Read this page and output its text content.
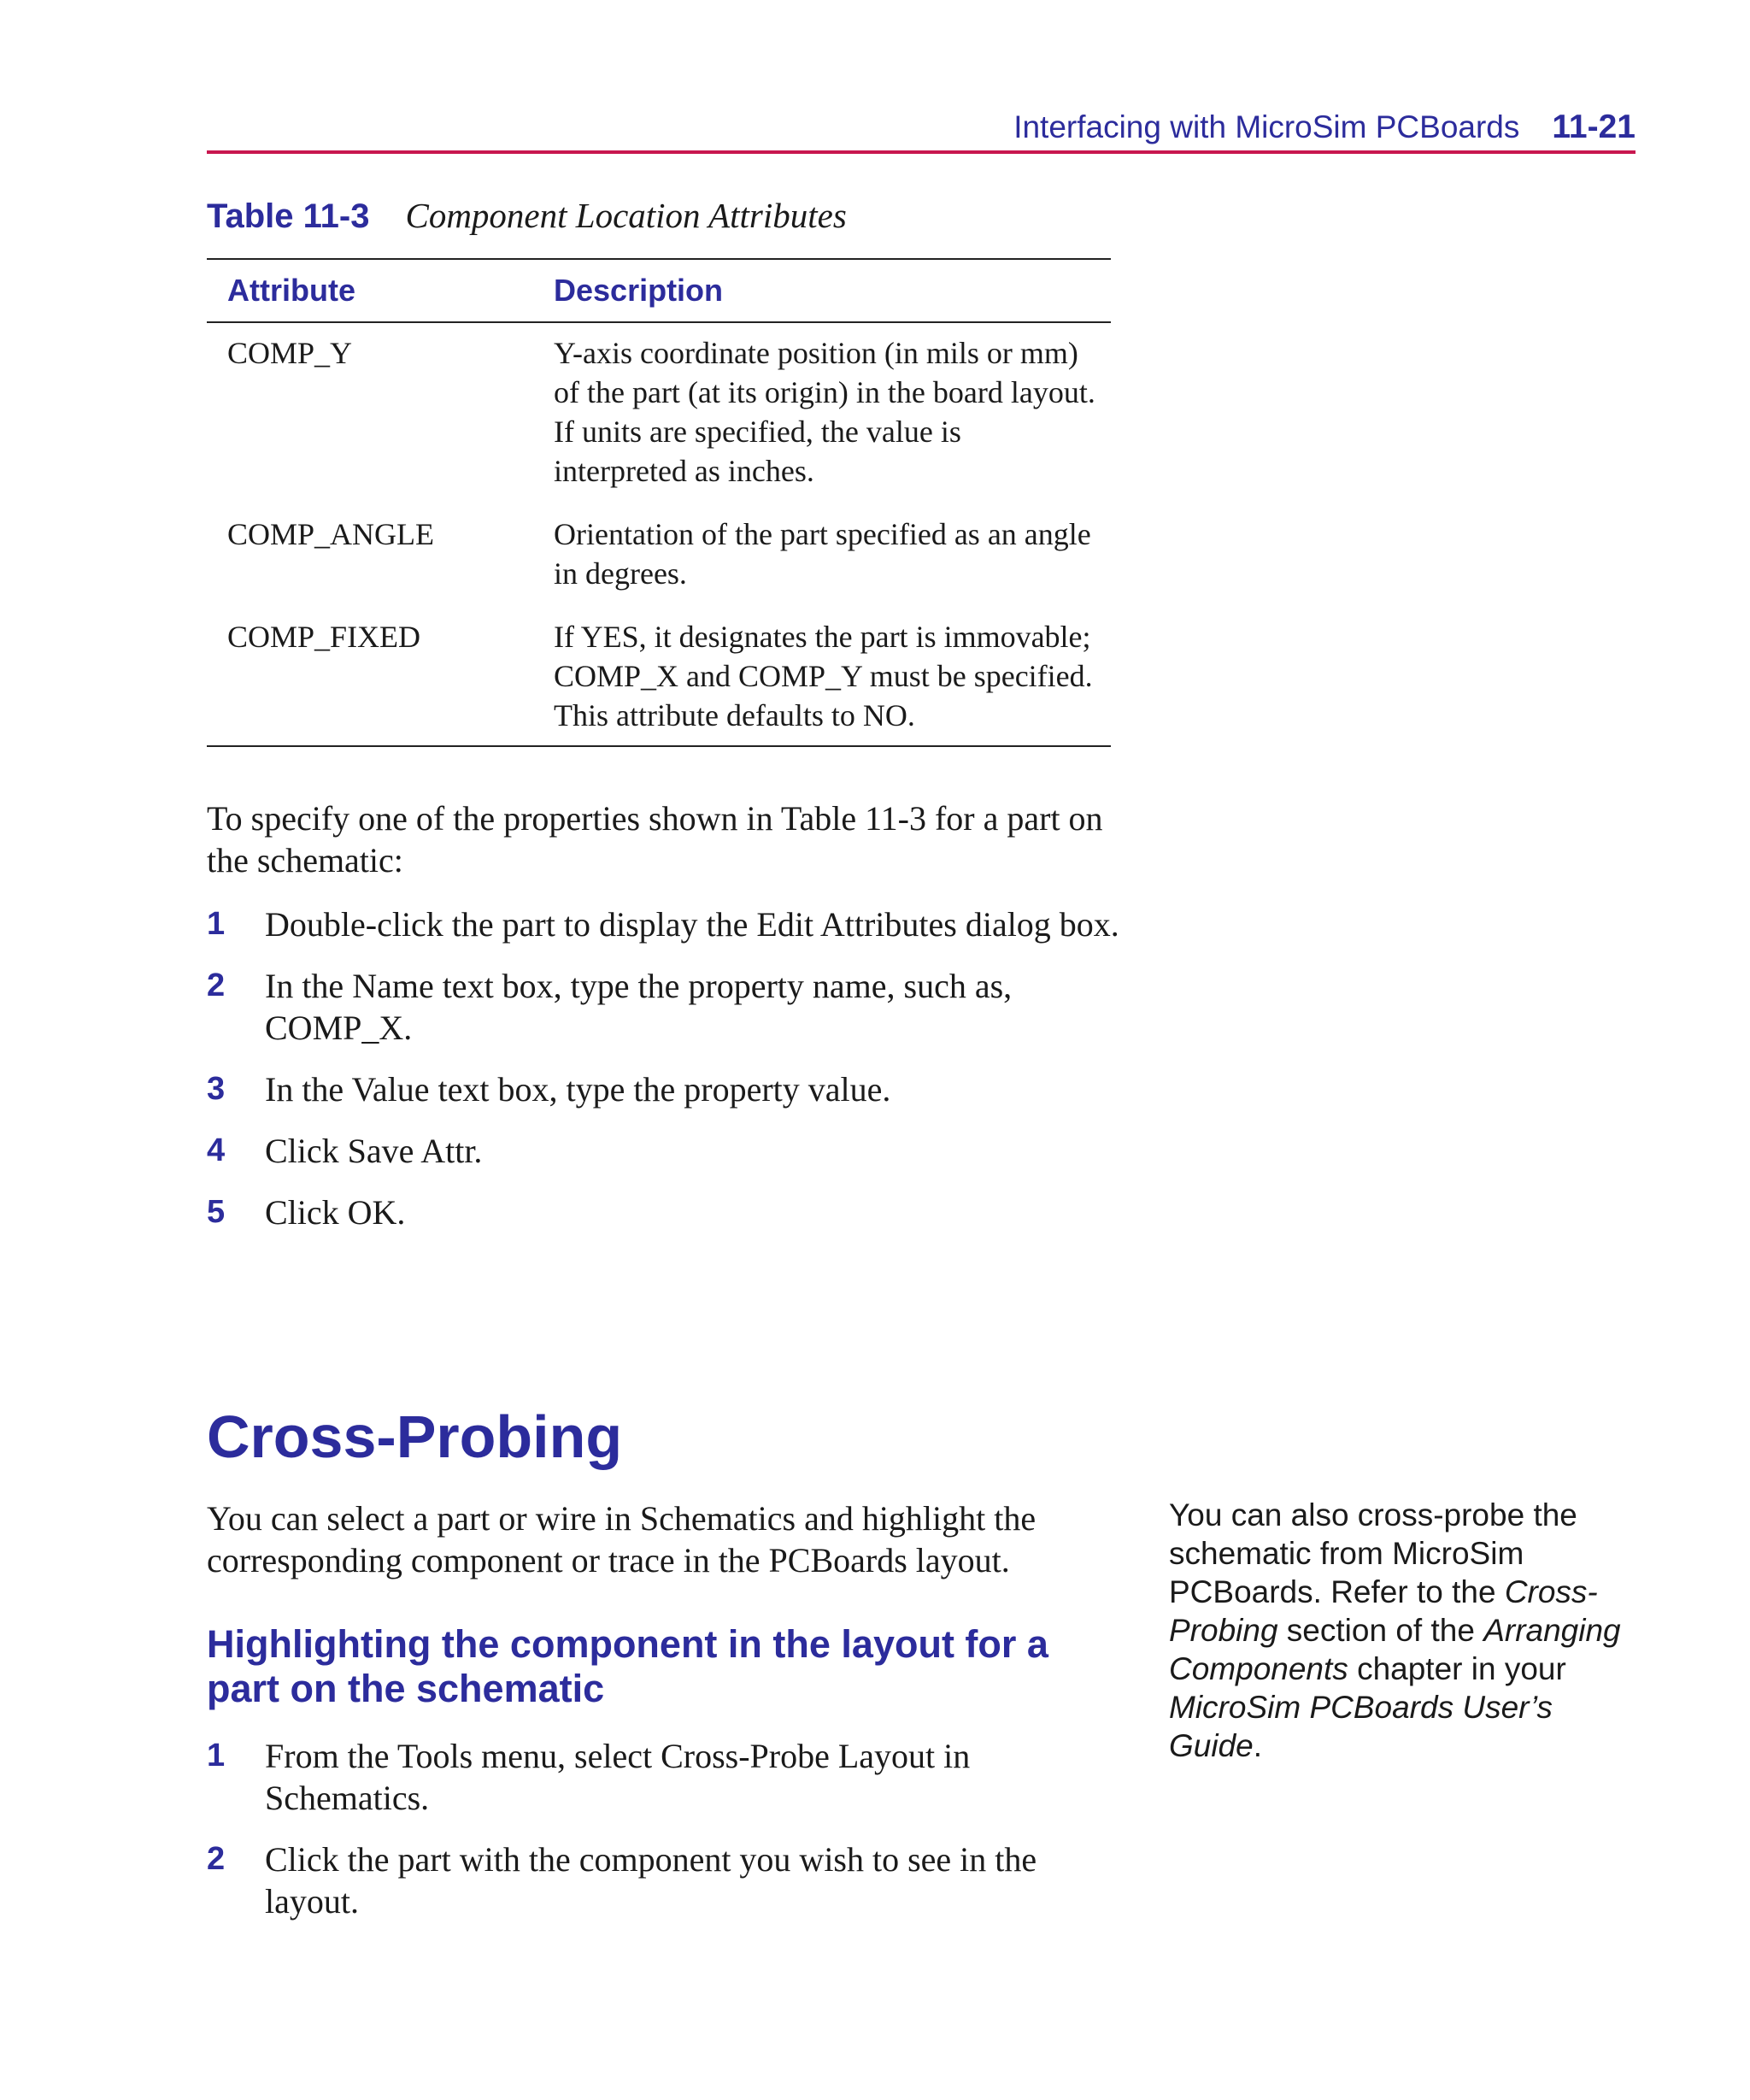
Interfacing with MicroSim PCBoards 11-21
Table 11-3 Component Location Attributes
Attribute	Description
COMP_Y	Y-axis coordinate position (in mils or mm) of the part (at its origin) in the board layout. If units are specified, the value is interpreted as inches.
COMP_ANGLE	Orientation of the part specified as an angle in degrees.
COMP_FIXED	If YES, it designates the part is immovable; COMP_X and COMP_Y must be specified. This attribute defaults to NO.

To specify one of the properties shown in Table 11-3 for a part on the schematic:

1 Double-click the part to display the Edit Attributes dialog box.
2 In the Name text box, type the property name, such as, COMP_X.
3 In the Value text box, type the property value.
4 Click Save Attr.
5 Click OK.
Cross-Probing

You can select a part or wire in Schematics and highlight the corresponding component or trace in the PCBoards layout.

Highlighting the component in the layout for a part on the schematic
1 From the Tools menu, select Cross-Probe Layout in Schematics.
2 Click the part with the component you wish to see in the layout.
You can also cross-probe the schematic from MicroSim PCBoards. Refer to the Cross-Probing section of the Arranging Components chapter in your MicroSim PCBoards User’s Guide.
